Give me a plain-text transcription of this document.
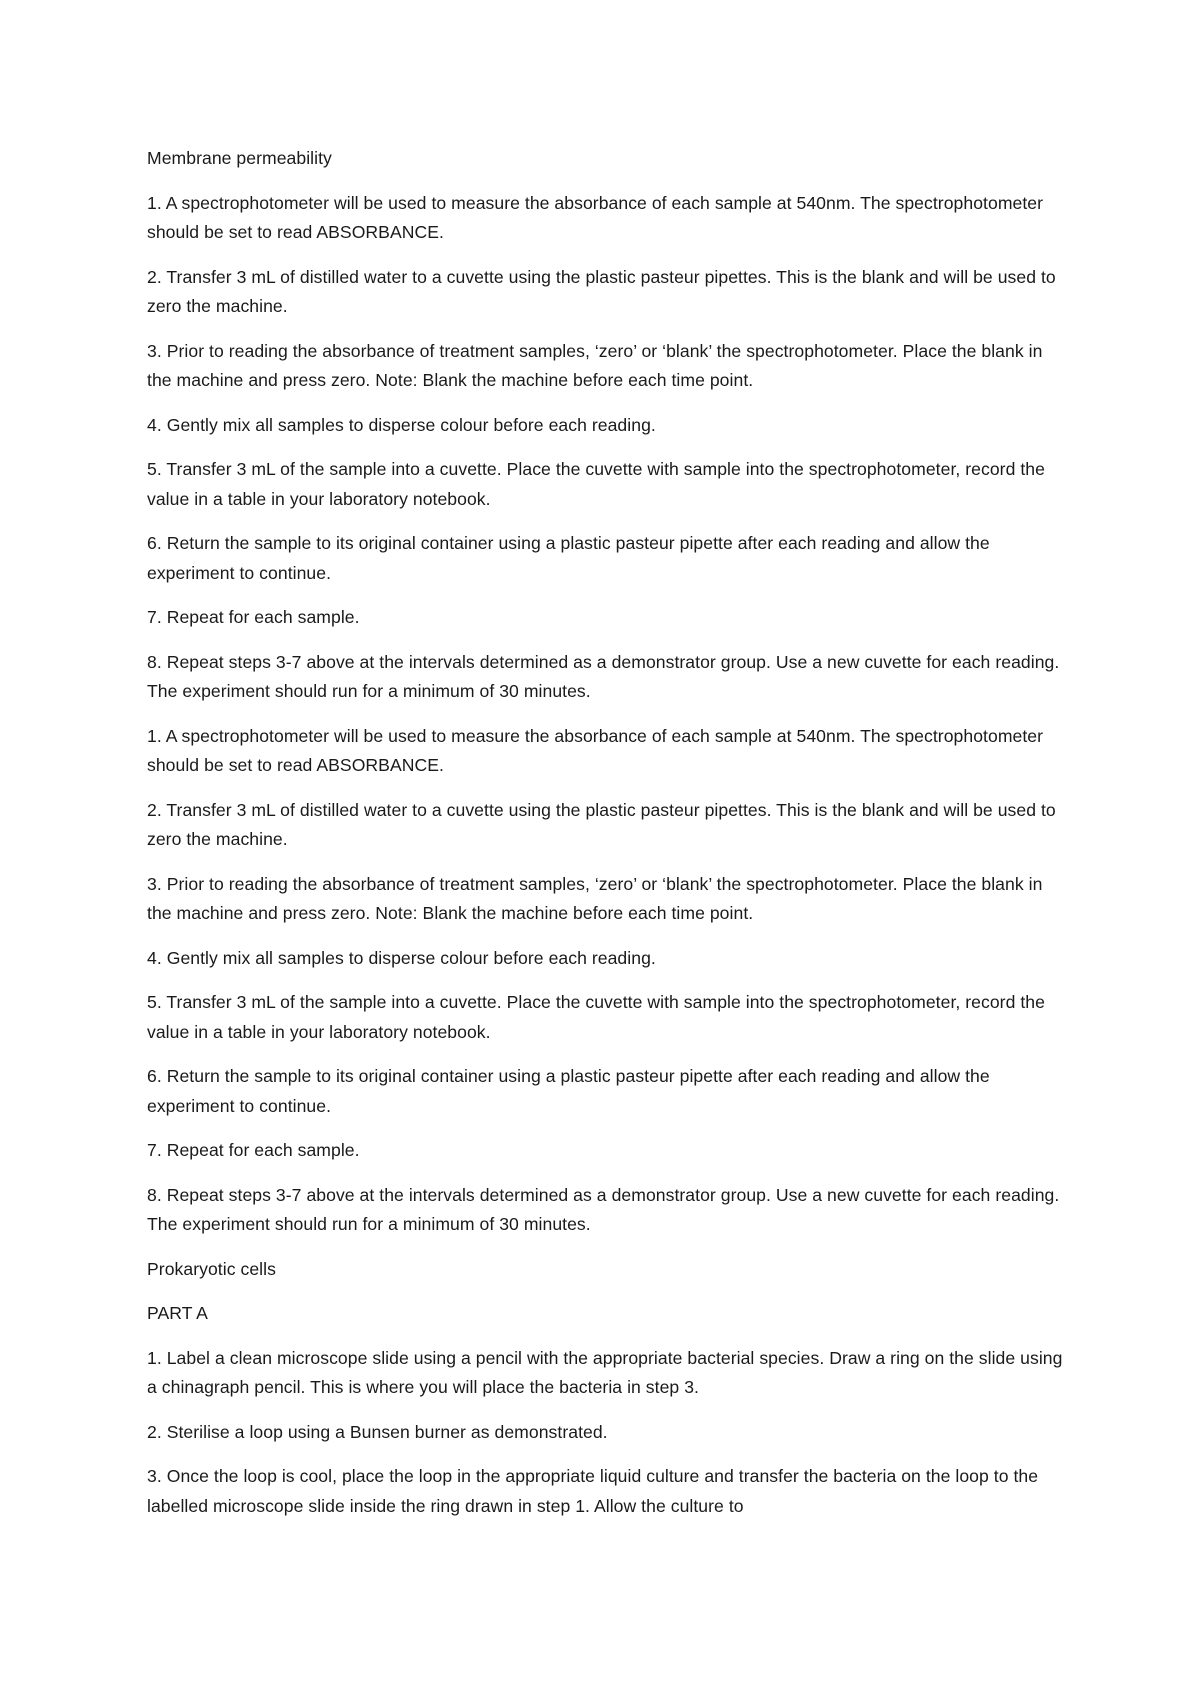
Membrane permeability

1. A spectrophotometer will be used to measure the absorbance of each sample at 540nm. The spectrophotometer should be set to read ABSORBANCE.

2. Transfer 3 mL of distilled water to a cuvette using the plastic pasteur pipettes. This is the blank and will be used to zero the machine.

3. Prior to reading the absorbance of treatment samples, ‘zero’ or ‘blank’ the spectrophotometer. Place the blank in the machine and press zero. Note: Blank the machine before each time point.

4. Gently mix all samples to disperse colour before each reading.

5. Transfer 3 mL of the sample into a cuvette. Place the cuvette with sample into the spectrophotometer, record the value in a table in your laboratory notebook.

6. Return the sample to its original container using a plastic pasteur pipette after each reading and allow the experiment to continue.

7. Repeat for each sample.

8. Repeat steps 3-7 above at the intervals determined as a demonstrator group. Use a new cuvette for each reading. The experiment should run for a minimum of 30 minutes.

1. A spectrophotometer will be used to measure the absorbance of each sample at 540nm. The spectrophotometer should be set to read ABSORBANCE.

2. Transfer 3 mL of distilled water to a cuvette using the plastic pasteur pipettes. This is the blank and will be used to zero the machine.

3. Prior to reading the absorbance of treatment samples, ‘zero’ or ‘blank’ the spectrophotometer. Place the blank in the machine and press zero. Note: Blank the machine before each time point.

4. Gently mix all samples to disperse colour before each reading.

5. Transfer 3 mL of the sample into a cuvette. Place the cuvette with sample into the spectrophotometer, record the value in a table in your laboratory notebook.

6. Return the sample to its original container using a plastic pasteur pipette after each reading and allow the experiment to continue.

7. Repeat for each sample.

8. Repeat steps 3-7 above at the intervals determined as a demonstrator group. Use a new cuvette for each reading. The experiment should run for a minimum of 30 minutes.

Prokaryotic cells

PART A

1. Label a clean microscope slide using a pencil with the appropriate bacterial species. Draw a ring on the slide using a chinagraph pencil. This is where you will place the bacteria in step 3.

2. Sterilise a loop using a Bunsen burner as demonstrated.

3. Once the loop is cool, place the loop in the appropriate liquid culture and transfer the bacteria on the loop to the labelled microscope slide inside the ring drawn in step 1. Allow the culture to
